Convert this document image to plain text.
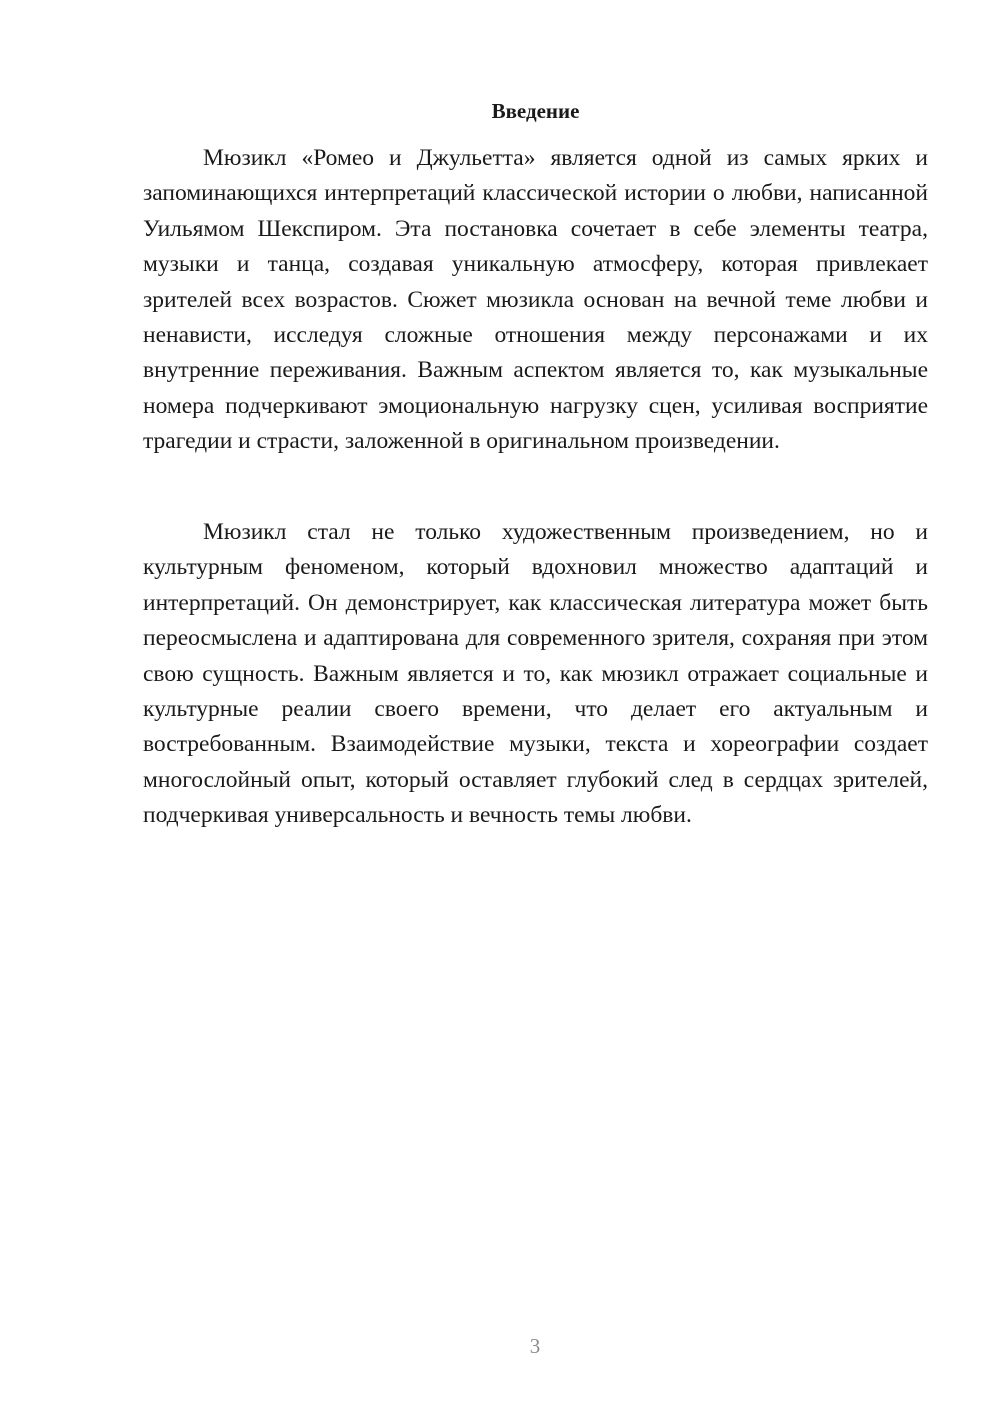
Введение

Мюзикл «Ромео и Джульетта» является одной из самых ярких и запоминающихся интерпретаций классической истории о любви, написанной Уильямом Шекспиром. Эта постановка сочетает в себе элементы театра, музыки и танца, создавая уникальную атмосферу, которая привлекает зрителей всех возрастов. Сюжет мюзикла основан на вечной теме любви и ненависти, исследуя сложные отношения между персонажами и их внутренние переживания. Важным аспектом является то, как музыкальные номера подчеркивают эмоциональную нагрузку сцен, усиливая восприятие трагедии и страсти, заложенной в оригинальном произведении.

Мюзикл стал не только художественным произведением, но и культурным феноменом, который вдохновил множество адаптаций и интерпретаций. Он демонстрирует, как классическая литература может быть переосмыслена и адаптирована для современного зрителя, сохраняя при этом свою сущность. Важным является и то, как мюзикл отражает социальные и культурные реалии своего времени, что делает его актуальным и востребованным. Взаимодействие музыки, текста и хореографии создает многослойный опыт, который оставляет глубокий след в сердцах зрителей, подчеркивая универсальность и вечность темы любви.

3
